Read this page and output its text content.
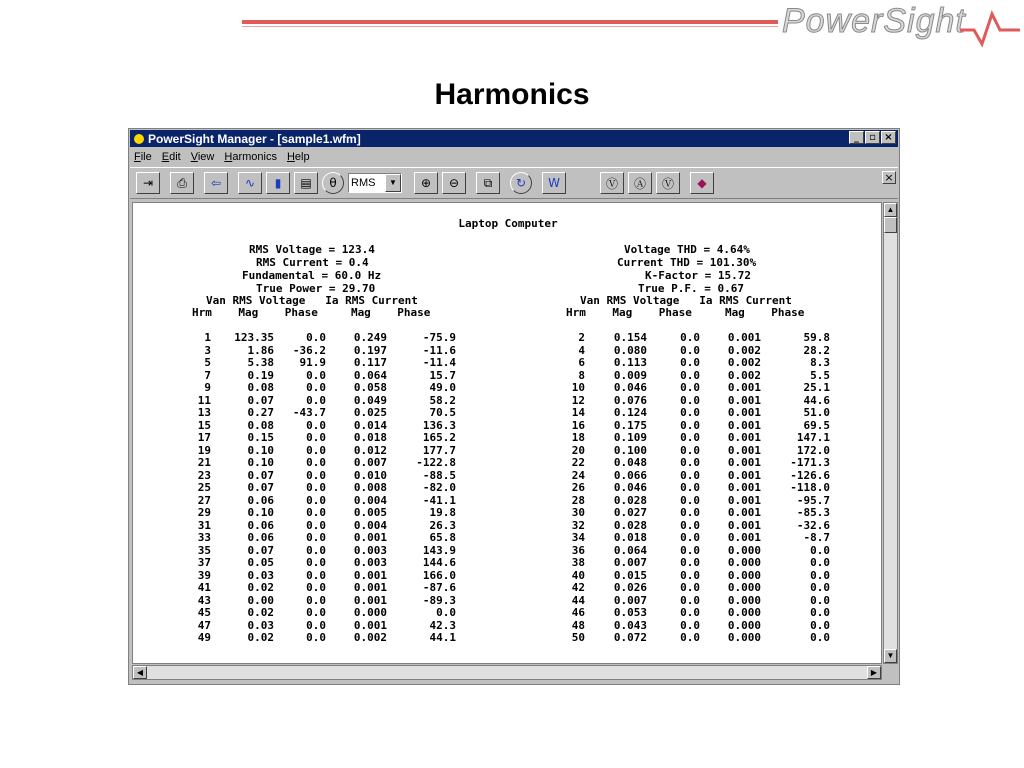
PowerSight
Harmonics
PowerSight Manager - [sample1.wfm]	_	▫ ×
File Edit View Harmonics Help
⇥	⎙	⇦	∿	▮	▤	θ	RMS	▼	⊕	⊖	⧉	↻	W	Ⓥ	Ⓐ	Ⓥ	◆	×
Laptop Computer
RMS Voltage = 123.4
RMS Current = 0.4
Fundamental = 60.0 Hz
True Power = 29.70
Voltage THD = 4.64%
Current THD = 101.30%
K-Factor = 15.72
True P.F. = 0.67
Van RMS Voltage   Ia RMS Current	Van RMS Voltage   Ia RMS Current
Hrm    Mag    Phase     Mag    Phase	Hrm    Mag    Phase     Mag    Phase
1	123.35	0.0	0.249	-75.9
3	1.86	-36.2	0.197	-11.6
5	5.38	91.9	0.117	-11.4
7	0.19	0.0	0.064	15.7
9	0.08	0.0	0.058	49.0
11	0.07	0.0	0.049	58.2
13	0.27	-43.7	0.025	70.5
15	0.08	0.0	0.014	136.3
17	0.15	0.0	0.018	165.2
19	0.10	0.0	0.012	177.7
21	0.10	0.0	0.007	-122.8
23	0.07	0.0	0.010	-88.5
25	0.07	0.0	0.008	-82.0
27	0.06	0.0	0.004	-41.1
29	0.10	0.0	0.005	19.8
31	0.06	0.0	0.004	26.3
33	0.06	0.0	0.001	65.8
35	0.07	0.0	0.003	143.9
37	0.05	0.0	0.003	144.6
39	0.03	0.0	0.001	166.0
41	0.02	0.0	0.001	-87.6
43	0.00	0.0	0.001	-89.3
45	0.02	0.0	0.000	0.0
47	0.03	0.0	0.001	42.3
49	0.02	0.0	0.002	44.1
2	0.154	0.0	0.001	59.8
4	0.080	0.0	0.002	28.2
6	0.113	0.0	0.002	8.3
8	0.009	0.0	0.002	5.5
10	0.046	0.0	0.001	25.1
12	0.076	0.0	0.001	44.6
14	0.124	0.0	0.001	51.0
16	0.175	0.0	0.001	69.5
18	0.109	0.0	0.001	147.1
20	0.100	0.0	0.001	172.0
22	0.048	0.0	0.001	-171.3
24	0.066	0.0	0.001	-126.6
26	0.046	0.0	0.001	-118.0
28	0.028	0.0	0.001	-95.7
30	0.027	0.0	0.001	-85.3
32	0.028	0.0	0.001	-32.6
34	0.018	0.0	0.001	-8.7
36	0.064	0.0	0.000	0.0
38	0.007	0.0	0.000	0.0
40	0.015	0.0	0.000	0.0
42	0.026	0.0	0.000	0.0
44	0.007	0.0	0.000	0.0
46	0.053	0.0	0.000	0.0
48	0.043	0.0	0.000	0.0
50	0.072	0.0	0.000	0.0
▲
▼
◀	▶
